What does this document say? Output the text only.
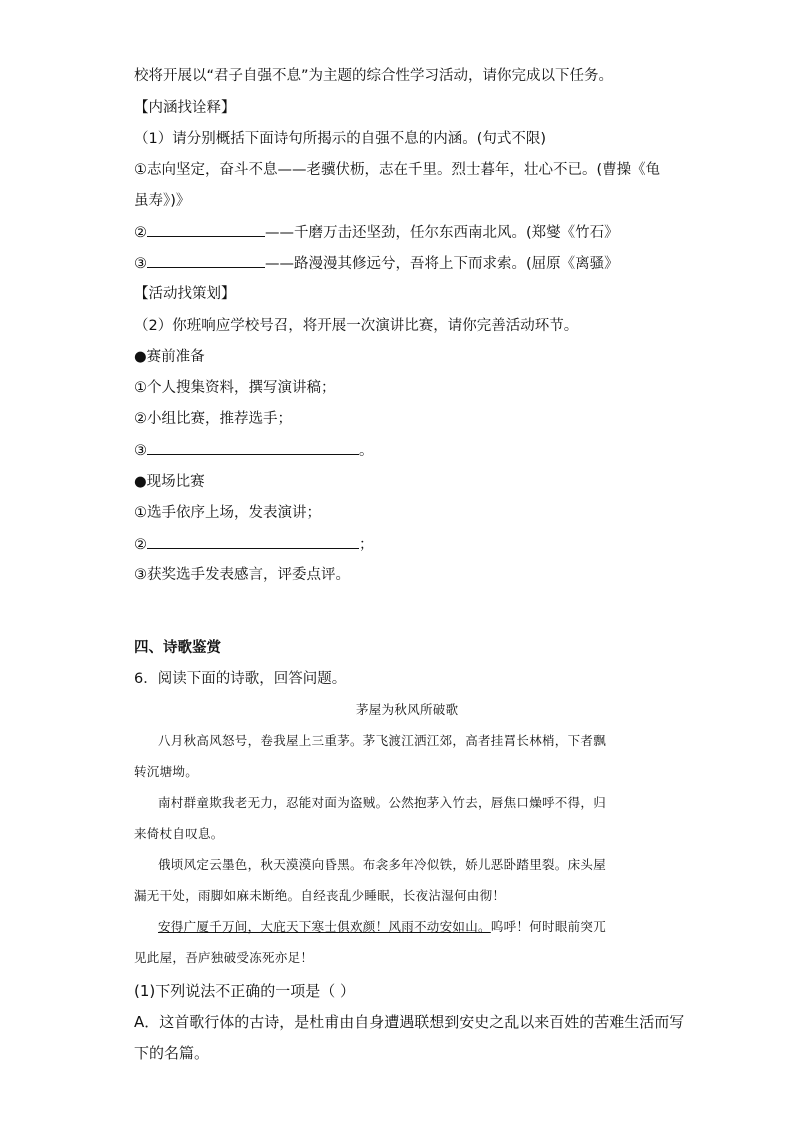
校将开展以“君子自强不息”为主题的综合性学习活动，请你完成以下任务。
【内涵找诠释】
（1）请分别概括下面诗句所揭示的自强不息的内涵。(句式不限)
①志向坚定，奋斗不息——老骥伏枥，志在千里。烈士暮年，壮心不已。(曹操《龟
虽寿》)》
②	——千磨万击还坚劲，任尔东西南北风。(郑燮《竹石》
③	——路漫漫其修远兮，吾将上下而求索。(屈原《离骚》
【活动找策划】
（2）你班响应学校号召，将开展一次演讲比赛，请你完善活动环节。
●赛前准备
①个人搜集资料，撰写演讲稿；
②小组比赛，推荐选手；
③	。
●现场比赛
①选手依序上场，发表演讲；
②	；
③获奖选手发表感言，评委点评。
四、诗歌鉴赏
6．阅读下面的诗歌，回答问题。
茅屋为秋风所破歌
八月秋高风怒号，卷我屋上三重茅。茅飞渡江洒江郊，高者挂罥长林梢，下者飘
转沉塘坳。
南村群童欺我老无力，忍能对面为盗贼。公然抱茅入竹去，唇焦口燥呼不得，归
来倚杖自叹息。
俄顷风定云墨色，秋天漠漠向昏黑。布衾多年冷似铁，娇儿恶卧踏里裂。床头屋
漏无干处，雨脚如麻未断绝。自经丧乱少睡眠，长夜沾湿何由彻！
安得广厦千万间，大庇天下寒士俱欢颜！风雨不动安如山。呜呼！何时眼前突兀
见此屋，吾庐独破受冻死亦足！
(1)下列说法不正确的一项是（ ）
A．这首歌行体的古诗，是杜甫由自身遭遇联想到安史之乱以来百姓的苦难生活而写
下的名篇。
